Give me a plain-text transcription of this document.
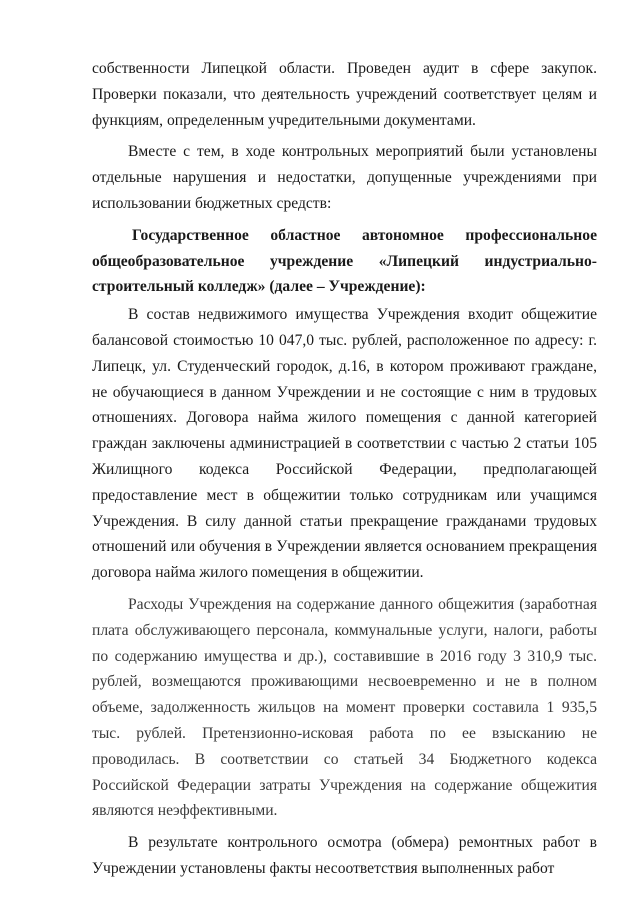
собственности Липецкой области. Проведен аудит в сфере закупок. Проверки показали, что деятельность учреждений соответствует целям и функциям, определенным учредительными документами.

Вместе с тем, в ходе контрольных мероприятий были установлены отдельные нарушения и недостатки, допущенные учреждениями при использовании бюджетных средств:

Государственное областное автономное профессиональное общеобразовательное учреждение «Липецкий индустриально-строительный колледж» (далее – Учреждение):

В состав недвижимого имущества Учреждения входит общежитие балансовой стоимостью 10 047,0 тыс. рублей, расположенное по адресу: г. Липецк, ул. Студенческий городок, д.16, в котором проживают граждане, не обучающиеся в данном Учреждении и не состоящие с ним в трудовых отношениях. Договора найма жилого помещения с данной категорией граждан заключены администрацией в соответствии с частью 2 статьи 105 Жилищного кодекса Российской Федерации, предполагающей предоставление мест в общежитии только сотрудникам или учащимся Учреждения. В силу данной статьи прекращение гражданами трудовых отношений или обучения в Учреждении является основанием прекращения договора найма жилого помещения в общежитии.

Расходы Учреждения на содержание данного общежития (заработная плата обслуживающего персонала, коммунальные услуги, налоги, работы по содержанию имущества и др.), составившие в 2016 году 3 310,9 тыс. рублей, возмещаются проживающими несвоевременно и не в полном объеме, задолженность жильцов на момент проверки составила 1 935,5 тыс. рублей. Претензионно-исковая работа по ее взысканию не проводилась. В соответствии со статьей 34 Бюджетного кодекса Российской Федерации затраты Учреждения на содержание общежития являются неэффективными.

В результате контрольного осмотра (обмера) ремонтных работ в Учреждении установлены факты несоответствия выполненных работ
